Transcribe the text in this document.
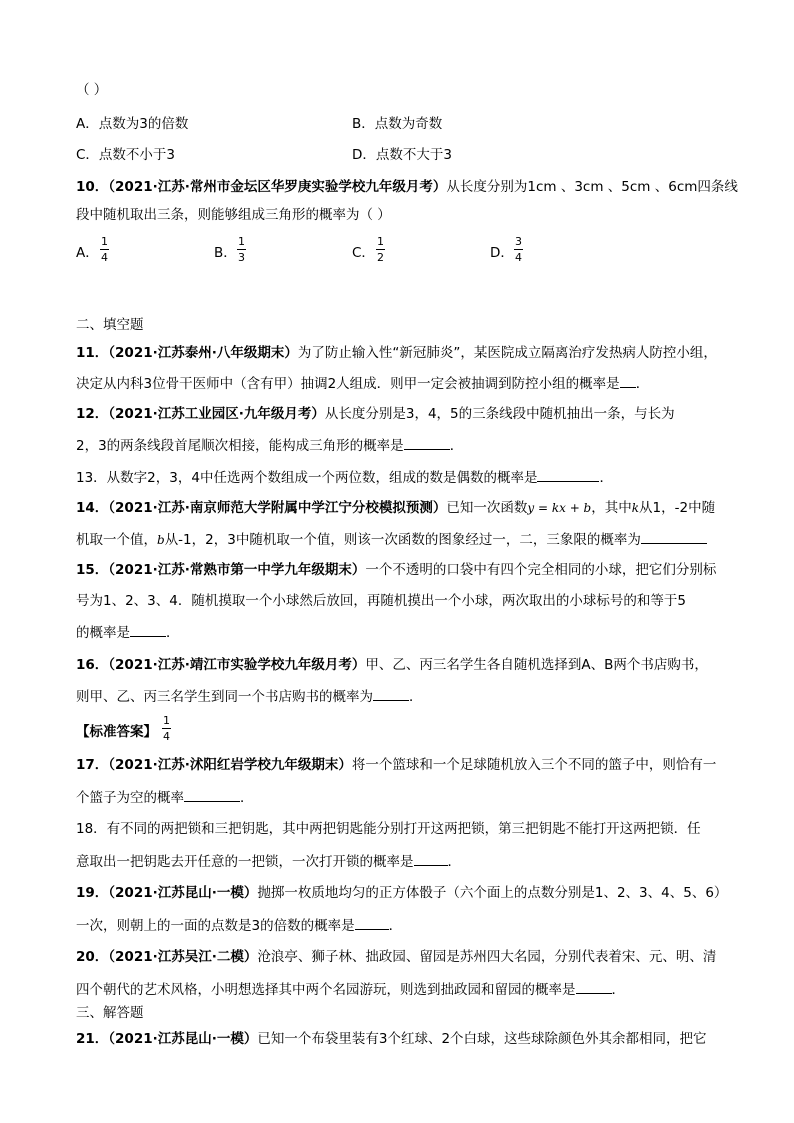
（ ）
A．点数为3的倍数	B．点数为奇数
C．点数不小于3	D．点数不大于3
10．（2021·江苏·常州市金坛区华罗庚实验学校九年级月考）从长度分别为1cm 、3cm 、5cm 、6cm四条线
段中随机取出三条，则能够组成三角形的概率为（ ）
A．
1
4	B．
1
3	C．
1
2	D．
3
4
二、填空题
11．（2021·江苏泰州·八年级期末）为了防止输入性“新冠肺炎”，某医院成立隔离治疗发热病人防控小组，
决定从内科3位骨干医师中（含有甲）抽调2人组成．则甲一定会被抽调到防控小组的概率是 ．
12．（2021·江苏工业园区·九年级月考）从长度分别是3，4，5的三条线段中随机抽出一条，与长为
2，3的两条线段首尾顺次相接，能构成三角形的概率是	．
13．从数字2，3，4中任选两个数组成一个两位数，组成的数是偶数的概率是	．
14．（2021·江苏·南京师范大学附属中学江宁分校模拟预测）已知一次函数y = kx + b，其中k从1，-2中随
机取一个值，b从-1，2，3中随机取一个值，则该一次函数的图象经过一，二，三象限的概率为
15．（2021·江苏·常熟市第一中学九年级期末）一个不透明的口袋中有四个完全相同的小球，把它们分别标
号为1、2、3、4．随机摸取一个小球然后放回，再随机摸出一个小球，两次取出的小球标号的和等于5
的概率是	．
16．（2021·江苏·靖江市实验学校九年级月考）甲、乙、丙三名学生各自随机选择到A、B两个书店购书，
则甲、乙、丙三名学生到同一个书店购书的概率为	．
【标准答案】
1
4
17．（2021·江苏·沭阳红岩学校九年级期末）将一个篮球和一个足球随机放入三个不同的篮子中，则恰有一
个篮子为空的概率	．
18．有不同的两把锁和三把钥匙，其中两把钥匙能分别打开这两把锁，第三把钥匙不能打开这两把锁．任
意取出一把钥匙去开任意的一把锁，一次打开锁的概率是	．
19．（2021·江苏昆山·一模）抛掷一枚质地均匀的正方体骰子（六个面上的点数分别是1、2、3、4、5、6）
一次，则朝上的一面的点数是3的倍数的概率是	．
20．（2021·江苏吴江·二模）沧浪亭、狮子林、拙政园、留园是苏州四大名园，分别代表着宋、元、明、清
四个朝代的艺术风格，小明想选择其中两个名园游玩，则选到拙政园和留园的概率是	．
三、解答题
21．（2021·江苏昆山·一模）已知一个布袋里装有3个红球、2个白球，这些球除颜色外其余都相同，把它
